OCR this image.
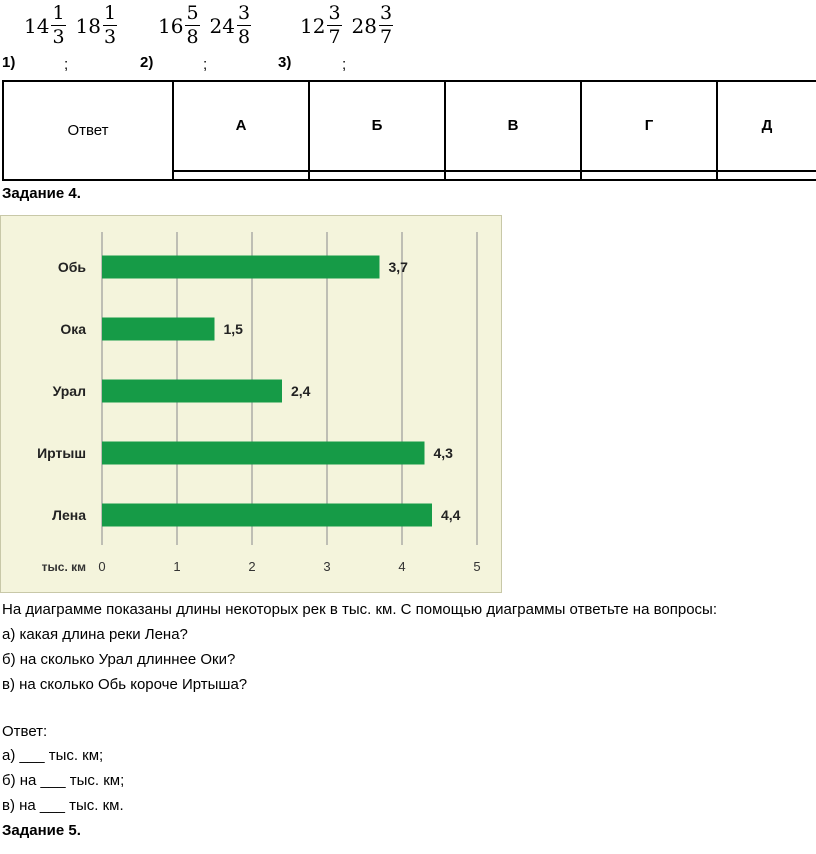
$14 \frac{1}{3} 18 \frac{1}{3}$
1)	;
$16 \frac{5}{8} 24 \frac{3}{8}$
2)	;
$12 \frac{3}{7} 28 \frac{3}{7}$
3)	;
Ответ	А	Б	В	Г	Д

Задание 4.
0	1	2	3	4	5
тыс. км
Обь	3,7
Ока	1,5
Урал	2,4
Иртыш	4,3
Лена	4,4
На диаграмме показаны длины некоторых рек в тыс. км. С помощью диаграммы ответьте на вопросы:
а) какая длина реки Лена?
б) на сколько Урал длиннее Оки?
в) на сколько Обь короче Иртыша?
Ответ:
а) ___ тыс. км;
б) на ___ тыс. км;
в) на ___ тыс. км.
Задание 5.
